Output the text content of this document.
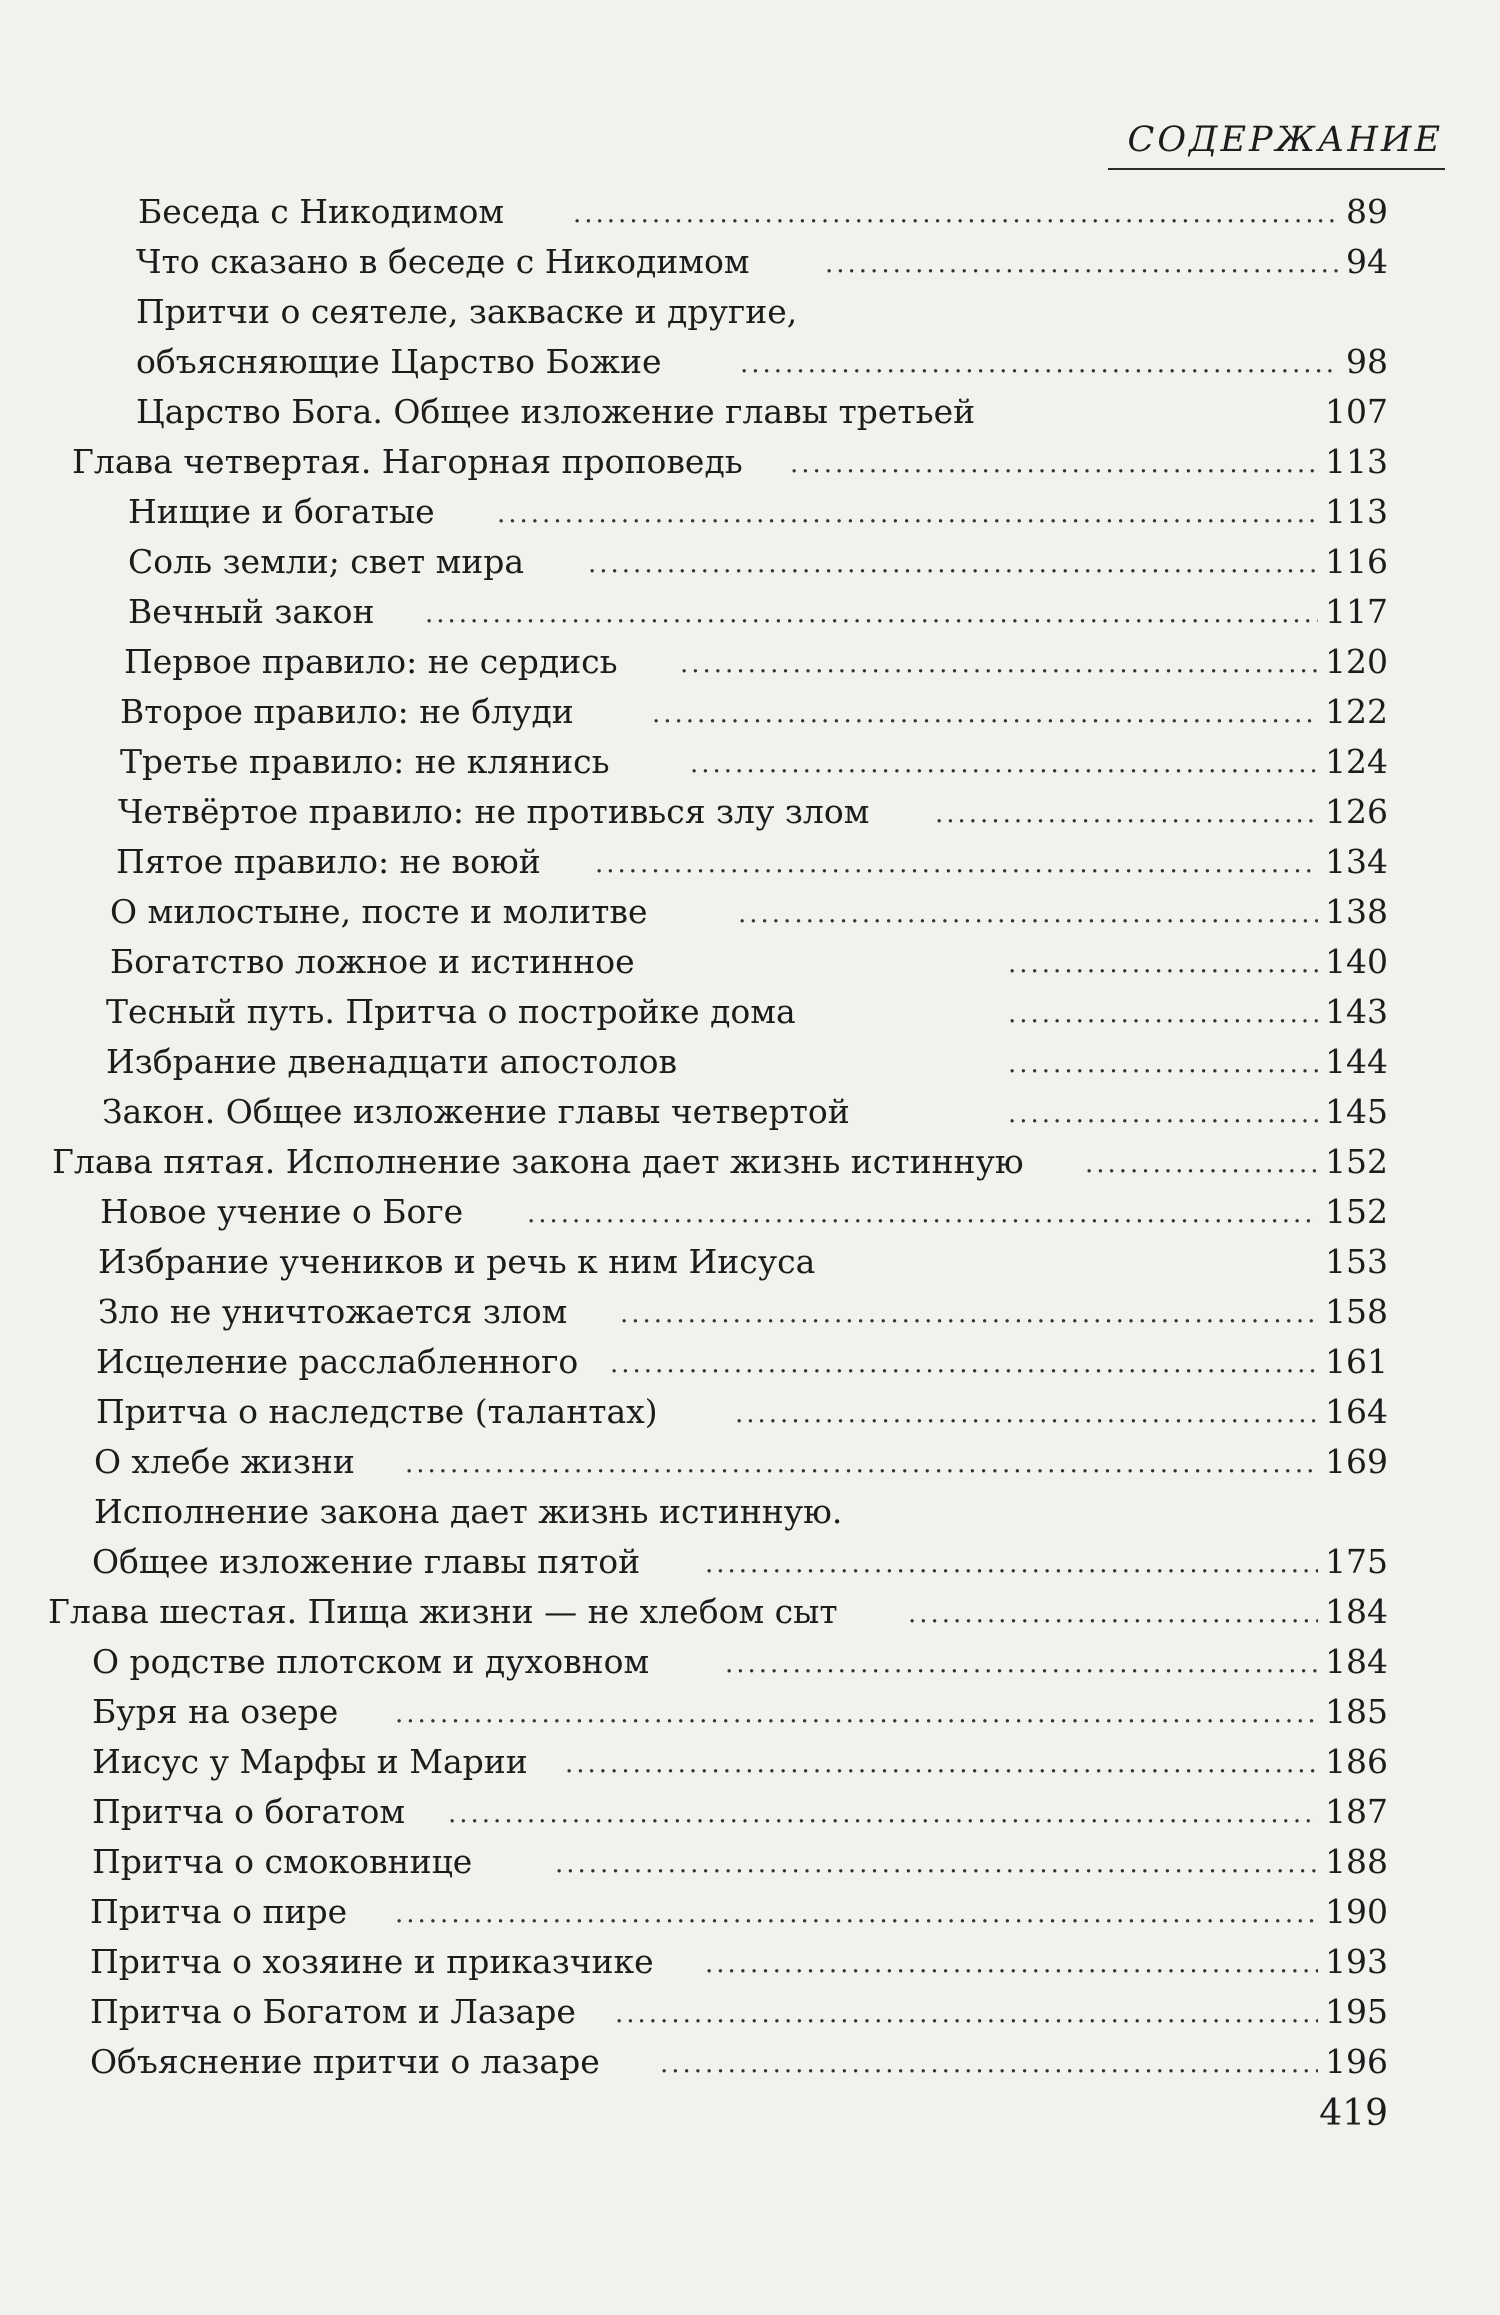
СОДЕРЖАНИЕ
Беседа с Никодимом .....	89
Что сказано в беседе с Никодимом .....	94
Притчи о сеятеле, закваске и другие,
объясняющие Царство Божие .....	98
Царство Бога. Общее изложение главы третьей	107
Глава четвертая. Нагорная проповедь .....	113
Нищие и богатые .....	113
Соль земли; свет мира .....	116
Вечный закон .....	117
Первое правило: не сердись .....	120
Второе правило: не блуди .....	122
Третье правило: не клянись .....	124
Четвёртое правило: не противься злу злом .....	126
Пятое правило: не воюй .....	134
О милостыне, посте и молитве .....	138
Богатство ложное и истинное .....	140
Тесный путь. Притча о постройке дома .....	143
Избрание двенадцати апостолов .....	144
Закон. Общее изложение главы четвертой .....	145
Глава пятая. Исполнение закона дает жизнь истинную .....	152
Новое учение о Боге .....	152
Избрание учеников и речь к ним Иисуса	153
Зло не уничтожается злом .....	158
Исцеление расслабленного .....	161
Притча о наследстве (талантах) .....	164
О хлебе жизни .....	169
Исполнение закона дает жизнь истинную.
Общее изложение главы пятой .....	175
Глава шестая. Пища жизни — не хлебом сыт .....	184
О родстве плотском и духовном .....	184
Буря на озере .....	185
Иисус у Марфы и Марии .....	186
Притча о богатом .....	187
Притча о смоковнице .....	188
Притча о пире .....	190
Притча о хозяине и приказчике .....	193
Притча о Богатом и Лазаре .....	195
Объяснение притчи о лазаре .....	196
419
